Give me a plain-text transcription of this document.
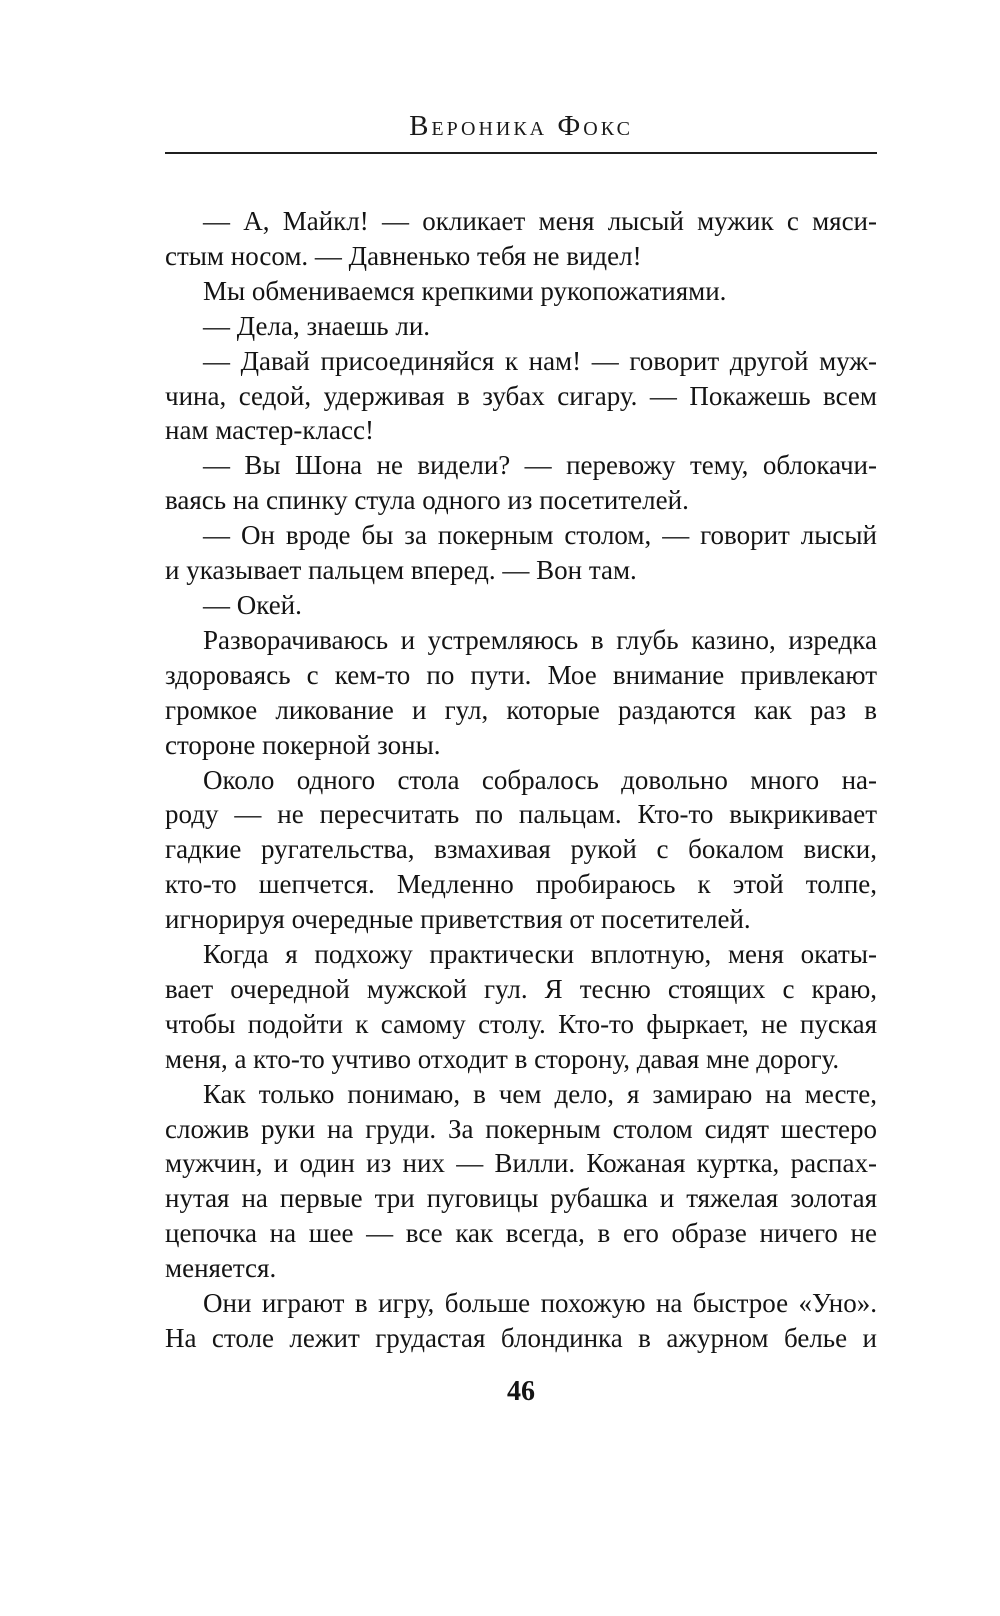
Вероника Фокс
— А, Майкл! — окликает меня лысый мужик с мяси-
стым носом. — Давненько тебя не видел!
Мы обмениваемся крепкими рукопожатиями.
— Дела, знаешь ли.
— Давай присоединяйся к нам! — говорит другой муж-
чина, седой, удерживая в зубах сигару. — Покажешь всем
нам мастер-класс!
— Вы Шона не видели? — перевожу тему, облокачи-
ваясь на спинку стула одного из посетителей.
— Он вроде бы за покерным столом, — говорит лысый
и указывает пальцем вперед. — Вон там.
— Окей.
Разворачиваюсь и устремляюсь в глубь казино, изредка
здороваясь с кем-то по пути. Мое внимание привлекают
громкое ликование и гул, которые раздаются как раз в
стороне покерной зоны.
Около одного стола собралось довольно много на-
роду — не пересчитать по пальцам. Кто-то выкрикивает
гадкие ругательства, взмахивая рукой с бокалом виски,
кто-то шепчется. Медленно пробираюсь к этой толпе,
игнорируя очередные приветствия от посетителей.
Когда я подхожу практически вплотную, меня окаты-
вает очередной мужской гул. Я тесню стоящих с краю,
чтобы подойти к самому столу. Кто-то фыркает, не пуская
меня, а кто-то учтиво отходит в сторону, давая мне дорогу.
Как только понимаю, в чем дело, я замираю на месте,
сложив руки на груди. За покерным столом сидят шестеро
мужчин, и один из них — Вилли. Кожаная куртка, распах-
нутая на первые три пуговицы рубашка и тяжелая золотая
цепочка на шее — все как всегда, в его образе ничего не
меняется.
Они играют в игру, больше похожую на быстрое «Уно».
На столе лежит грудастая блондинка в ажурном белье и
46
